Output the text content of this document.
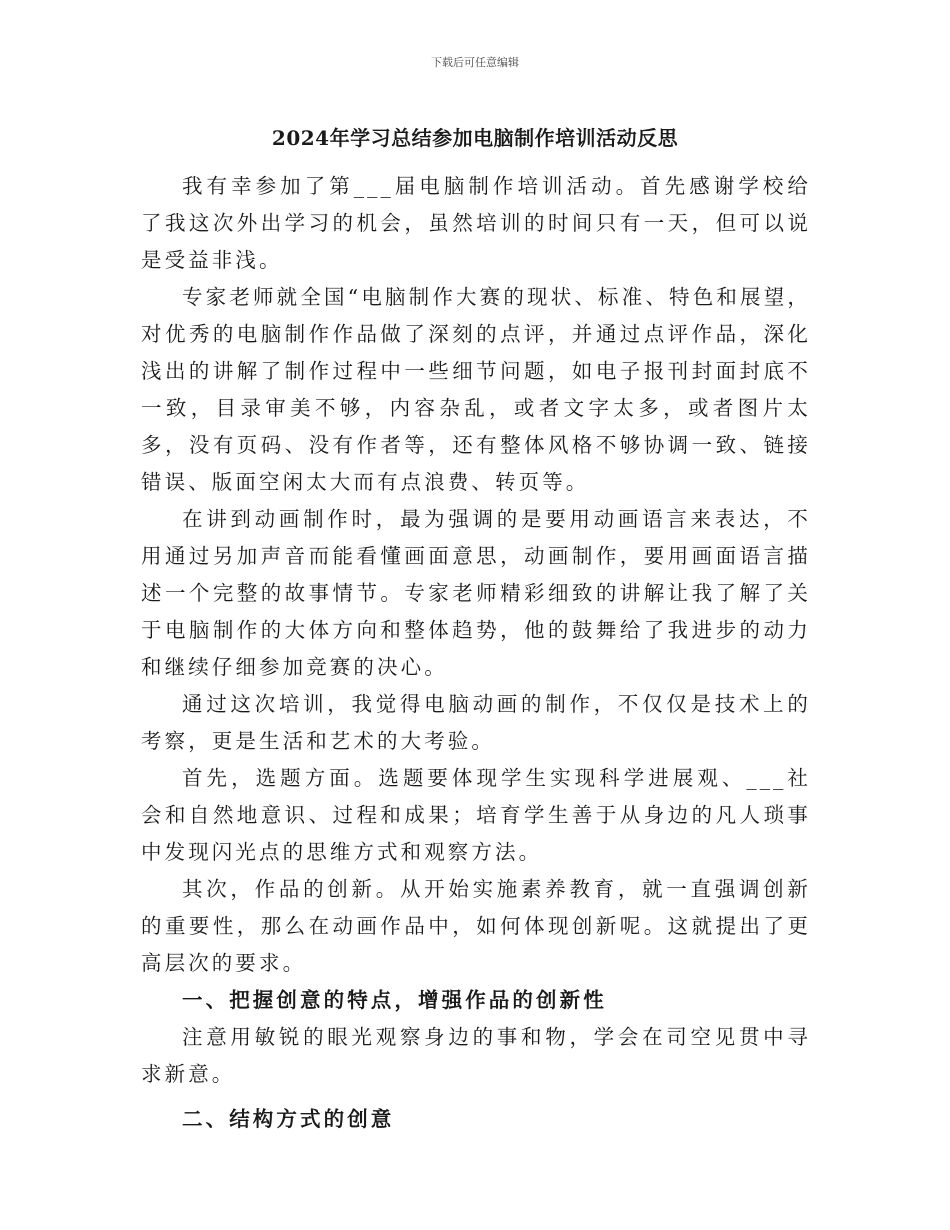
下载后可任意编辑
2024年学习总结参加电脑制作培训活动反思

我有幸参加了第___届电脑制作培训活动。首先感谢学校给了我这次外出学习的机会，虽然培训的时间只有一天，但可以说是受益非浅。

专家老师就全国“电脑制作大赛的现状、标准、特色和展望，对优秀的电脑制作作品做了深刻的点评，并通过点评作品，深化浅出的讲解了制作过程中一些细节问题，如电子报刊封面封底不一致，目录审美不够，内容杂乱，或者文字太多，或者图片太多，没有页码、没有作者等，还有整体风格不够协调一致、链接错误、版面空闲太大而有点浪费、转页等。

在讲到动画制作时，最为强调的是要用动画语言来表达，不用通过另加声音而能看懂画面意思，动画制作，要用画面语言描述一个完整的故事情节。专家老师精彩细致的讲解让我了解了关于电脑制作的大体方向和整体趋势，他的鼓舞给了我进步的动力和继续仔细参加竞赛的决心。

通过这次培训，我觉得电脑动画的制作，不仅仅是技术上的考察，更是生活和艺术的大考验。

首先，选题方面。选题要体现学生实现科学进展观、___社会和自然地意识、过程和成果；培育学生善于从身边的凡人琐事中发现闪光点的思维方式和观察方法。

其次，作品的创新。从开始实施素养教育，就一直强调创新的重要性，那么在动画作品中，如何体现创新呢。这就提出了更高层次的要求。

一、把握创意的特点，增强作品的创新性

注意用敏锐的眼光观察身边的事和物，学会在司空见贯中寻求新意。

二、结构方式的创意
